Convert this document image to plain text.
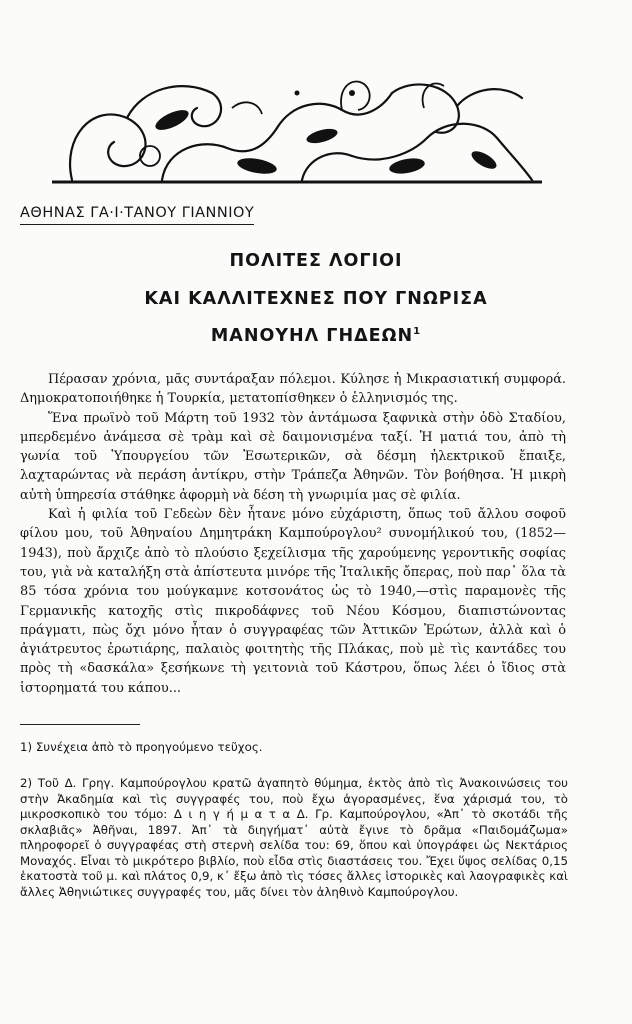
ΑΘΗΝΑΣ ΓΑ·Ι·ΤΑΝΟΥ ΓΙΑΝΝΙΟΥ
ΠΟΛΙΤΕΣ ΛΟΓΙΟΙ
ΚΑΙ ΚΑΛΛΙΤΕΧΝΕΣ ΠΟΥ ΓΝΩΡΙΣΑ
ΜΑΝΟΥΗΛ ΓΗΔΕΩΝ$^1$

Πέρασαν χρόνια, μᾶς συντάραξαν πόλεμοι. Κύλησε ἡ Μικρασιατική συμφορά. Δημοκρατοποιήθηκε ἡ Τουρκία, μετατοπίσθηκεν ὁ ἑλληνισμός της.

Ἕνα πρωϊνὸ τοῦ Μάρτη τοῦ 1932 τὸν ἀντάμωσα ξαφνικὰ στὴν ὁδὸ Σταδίου, μπερδεμένο ἀνάμεσα σὲ τρὰμ καὶ σὲ δαιμονισμένα ταξί. Ἡ ματιά του, ἀπὸ τὴ γωνία τοῦ Ὑπουργείου τῶν Ἐσωτερικῶν, σὰ δέσμη ἠλεκτρικοῦ ἔπαιξε, λαχταρώντας νὰ περάση ἀντίκρυ, στὴν Τράπεζα Ἀθηνῶν. Τὸν βοήθησα. Ἡ μικρὴ αὐτὴ ὑπηρεσία στάθηκε ἀφορμὴ νὰ δέση τὴ γνωριμία μας σὲ φιλία.

Καὶ ἡ φιλία τοῦ Γεδεὼν δὲν ἦτανε μόνο εὐχάριστη, ὅπως τοῦ ἄλλου σοφοῦ φίλου μου, τοῦ Ἀθηναίου Δημητράκη Καμπούρογλου² συνομήλικού του, (1852—1943), ποὺ ἄρχιζε ἀπὸ τὸ πλούσιο ξεχείλισμα τῆς χαρούμενης γεροντικῆς σοφίας του, γιὰ νὰ καταλήξη στὰ ἀπίστευτα μινόρε τῆς Ἰταλικῆς ὄπερας, ποὺ παρ᾽ ὅλα τὰ 85 τόσα χρόνια του μούγκαμνε κοτσονάτος ὡς τὸ 1940,—στὶς παραμονὲς τῆς Γερμανικῆς κατοχῆς στὶς πικροδάφνες τοῦ Νέου Κόσμου, διαπιστώνοντας πράγματι, πὼς ὄχι μόνο ἦταν ὁ συγγραφέας τῶν Ἀττικῶν Ἐρώτων, ἀλλὰ καὶ ὁ ἀγιάτρευτος ἐρωτιάρης, παλαιὸς φοιτητὴς τῆς Πλάκας, ποὺ μὲ τὶς καντάδες του πρὸς τὴ «δασκάλα» ξεσήκωνε τὴ γειτονιὰ τοῦ Κάστρου, ὅπως λέει ὁ ἴδιος στὰ ἱστορηματά του κάπου...

1) Συνέχεια ἀπὸ τὸ προηγούμενο τεῦχος.
2) Τοῦ Δ. Γρηγ. Καμπούρογλου κρατῶ ἀγαπητὸ θύμημα, ἐκτὸς ἀπὸ τὶς Ἀνακοινώσεις του στὴν Ἀκαδημία καὶ τὶς συγγραφές του, ποὺ ἔχω ἀγορασμένες, ἕνα χάρισμά του, τὸ μικροσκοπικὸ του τόμο: Δ ι η γ ή μ α τ α Δ. Γρ. Καμπούρογλου, «Ἀπ᾽ τὸ σκοτάδι τῆς σκλαβιᾶς» Ἀθῆναι, 1897. Ἀπ᾽ τὰ διηγήματ᾽ αὐτὰ ἔγινε τὸ δρᾶμα «Παιδομάζωμα» πληροφορεῖ ὁ συγγραφέας στὴ στερνὴ σελίδα του: 69, ὅπου καὶ ὑπογράφει ὡς Νεκτάριος Μοναχός. Εἶναι τὸ μικρότερο βιβλίο, ποὺ εἶδα στὶς διαστάσεις του. Ἔχει ὕψος σελίδας 0,15 ἑκατοστὰ τοῦ μ. καὶ πλάτος 0,9, κ᾽ ἔξω ἀπὸ τὶς τόσες ἄλλες ἱστορικὲς καὶ λαογραφικὲς καὶ ἄλλες Ἀθηνιώτικες συγγραφές του, μᾶς δίνει τὸν ἀληθινὸ Καμπούρογλου.
